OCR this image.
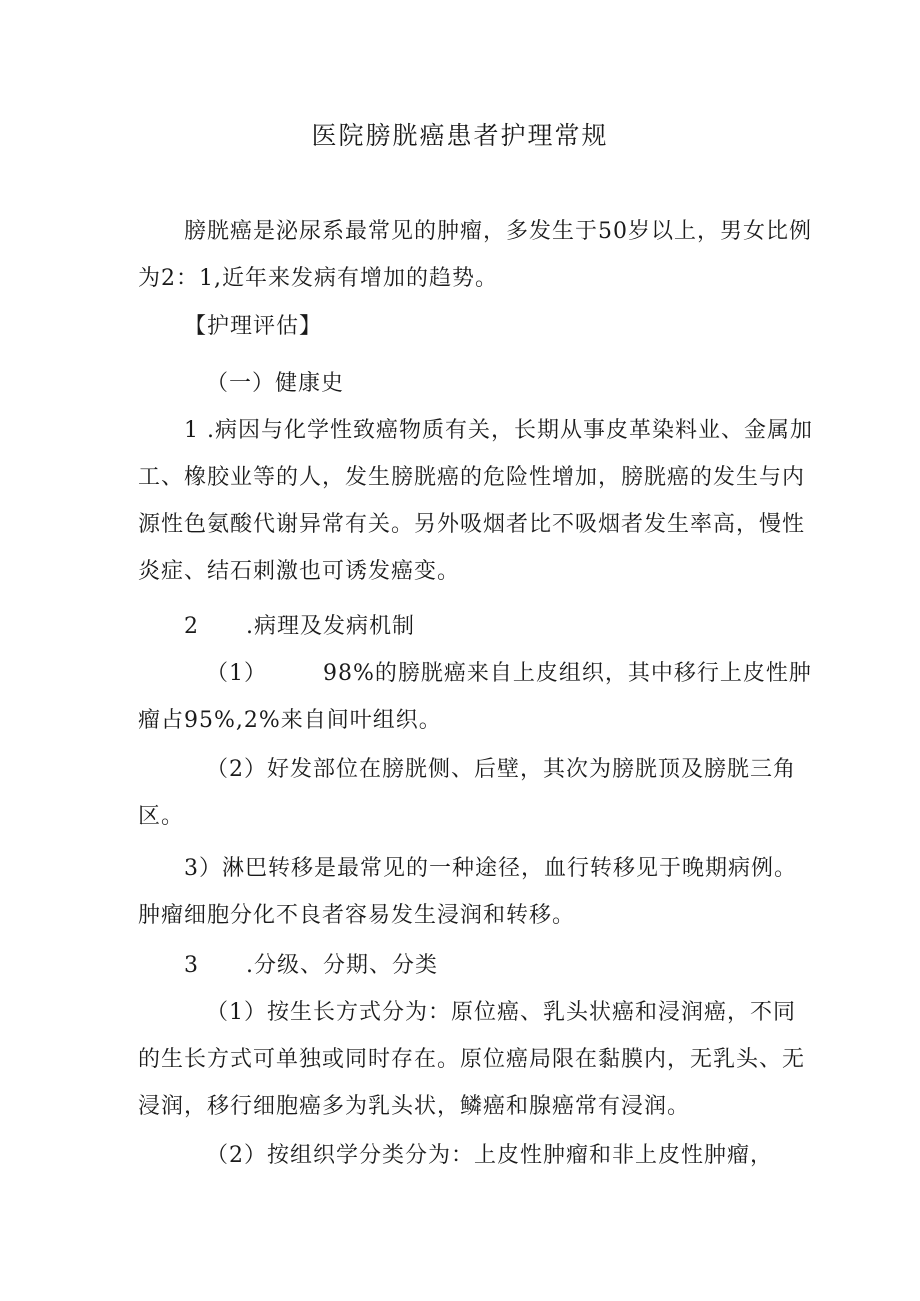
医院膀胱癌患者护理常规

膀胱癌是泌尿系最常见的肿瘤，多发生于50岁以上，男女比例为2：1,近年来发病有增加的趋势。

【护理评估】
（一）健康史

1 .病因与化学性致癌物质有关，长期从事皮革染料业、金属加工、橡胶业等的人，发生膀胱癌的危险性增加，膀胱癌的发生与内源性色氨酸代谢异常有关。另外吸烟者比不吸烟者发生率高，慢性炎症、结石刺激也可诱发癌变。

2 .病理及发病机制
（1）	98%的膀胱癌来自上皮组织，其中移行上皮性肿瘤占95%,2%来自间叶组织。

（2）好发部位在膀胱侧、后壁，其次为膀胱顶及膀胱三角区。

3）淋巴转移是最常见的一种途径，血行转移见于晚期病例。肿瘤细胞分化不良者容易发生浸润和转移。

3 .分级、分期、分类

（1）按生长方式分为：原位癌、乳头状癌和浸润癌，不同的生长方式可单独或同时存在。原位癌局限在黏膜内，无乳头、无浸润，移行细胞癌多为乳头状，鳞癌和腺癌常有浸润。

（2）按组织学分类分为：上皮性肿瘤和非上皮性肿瘤，
